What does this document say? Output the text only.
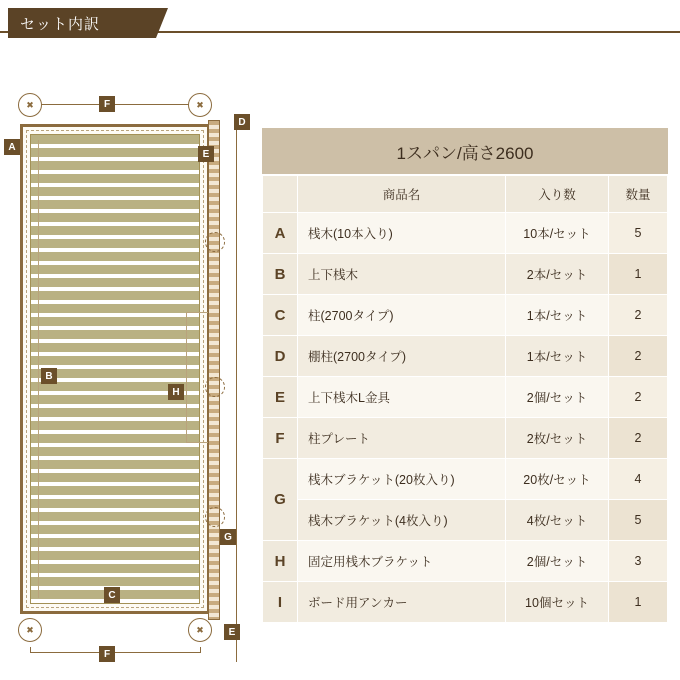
セット内訳
F
✖
✖
D
A
E
B
H
G
C
E
✖
✖
F
1スパン/高さ2600
	商品名	入り数	数量
A	桟木(10本入り)	10本/セット	5
B	上下桟木	2本/セット	1
C	柱(2700タイプ)	1本/セット	2
D	棚柱(2700タイプ)	1本/セット	2
E	上下桟木L金具	2個/セット	2
F	柱プレート	2枚/セット	2
G	桟木ブラケット(20枚入り)	20枚/セット	4
	桟木ブラケット(4枚入り)	4枚/セット	5
H	固定用桟木ブラケット	2個/セット	3
I	ボード用アンカー	10個セット	1
